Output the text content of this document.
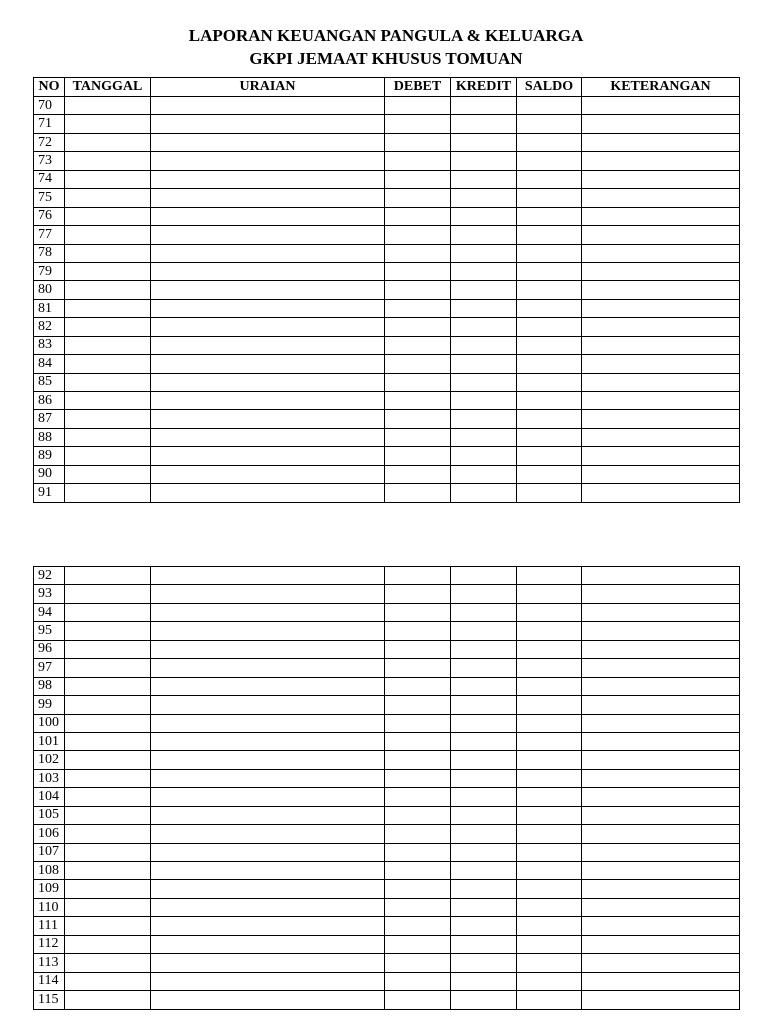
LAPORAN KEUANGAN PANGULA & KELUARGA
GKPI JEMAAT KHUSUS TOMUAN
NO	TANGGAL	URAIAN	DEBET	KREDIT	SALDO	KETERANGAN
70						
71						
72						
73						
74						
75						
76						
77						
78						
79						
80						
81						
82						
83						
84						
85						
86						
87						
88						
89						
90						
91						
92						
93						
94						
95						
96						
97						
98						
99						
100						
101						
102						
103						
104						
105						
106						
107						
108						
109						
110						
111						
112						
113						
114						
115						
